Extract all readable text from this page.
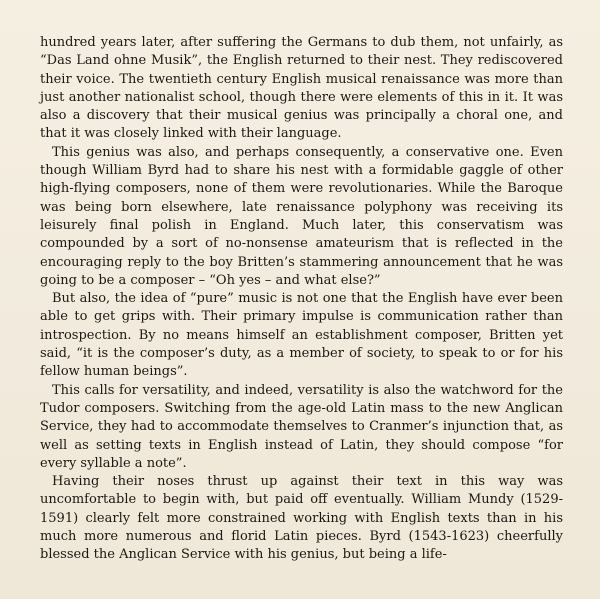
hundred years later, after suffering the Germans to dub them, not unfairly, as “Das Land ohne Musik”, the English returned to their nest. They rediscovered their voice. The twentieth century English musical renaissance was more than just another nationalist school, though there were elements of this in it. It was also a discovery that their musical genius was principally a choral one, and that it was closely linked with their language.

This genius was also, and perhaps consequently, a conservative one. Even though William Byrd had to share his nest with a formidable gaggle of other high-flying composers, none of them were revolutionaries. While the Baroque was being born elsewhere, late renaissance polyphony was receiving its leisurely final polish in England. Much later, this conservatism was compounded by a sort of no-nonsense amateurism that is reflected in the encouraging reply to the boy Britten’s stammering announcement that he was going to be a composer – “Oh yes – and what else?”

But also, the idea of “pure” music is not one that the English have ever been able to get grips with. Their primary impulse is communication rather than introspection. By no means himself an establishment composer, Britten yet said, “it is the composer’s duty, as a member of society, to speak to or for his fellow human beings”.

This calls for versatility, and indeed, versatility is also the watchword for the Tudor composers. Switching from the age-old Latin mass to the new Anglican Service, they had to accommodate themselves to Cranmer’s injunction that, as well as setting texts in English instead of Latin, they should compose “for every syllable a note”.

Having their noses thrust up against their text in this way was uncomfortable to begin with, but paid off eventually. William Mundy (1529-1591) clearly felt more constrained working with English texts than in his much more numerous and florid Latin pieces. Byrd (1543-1623) cheerfully blessed the Anglican Service with his genius, but being a life-
